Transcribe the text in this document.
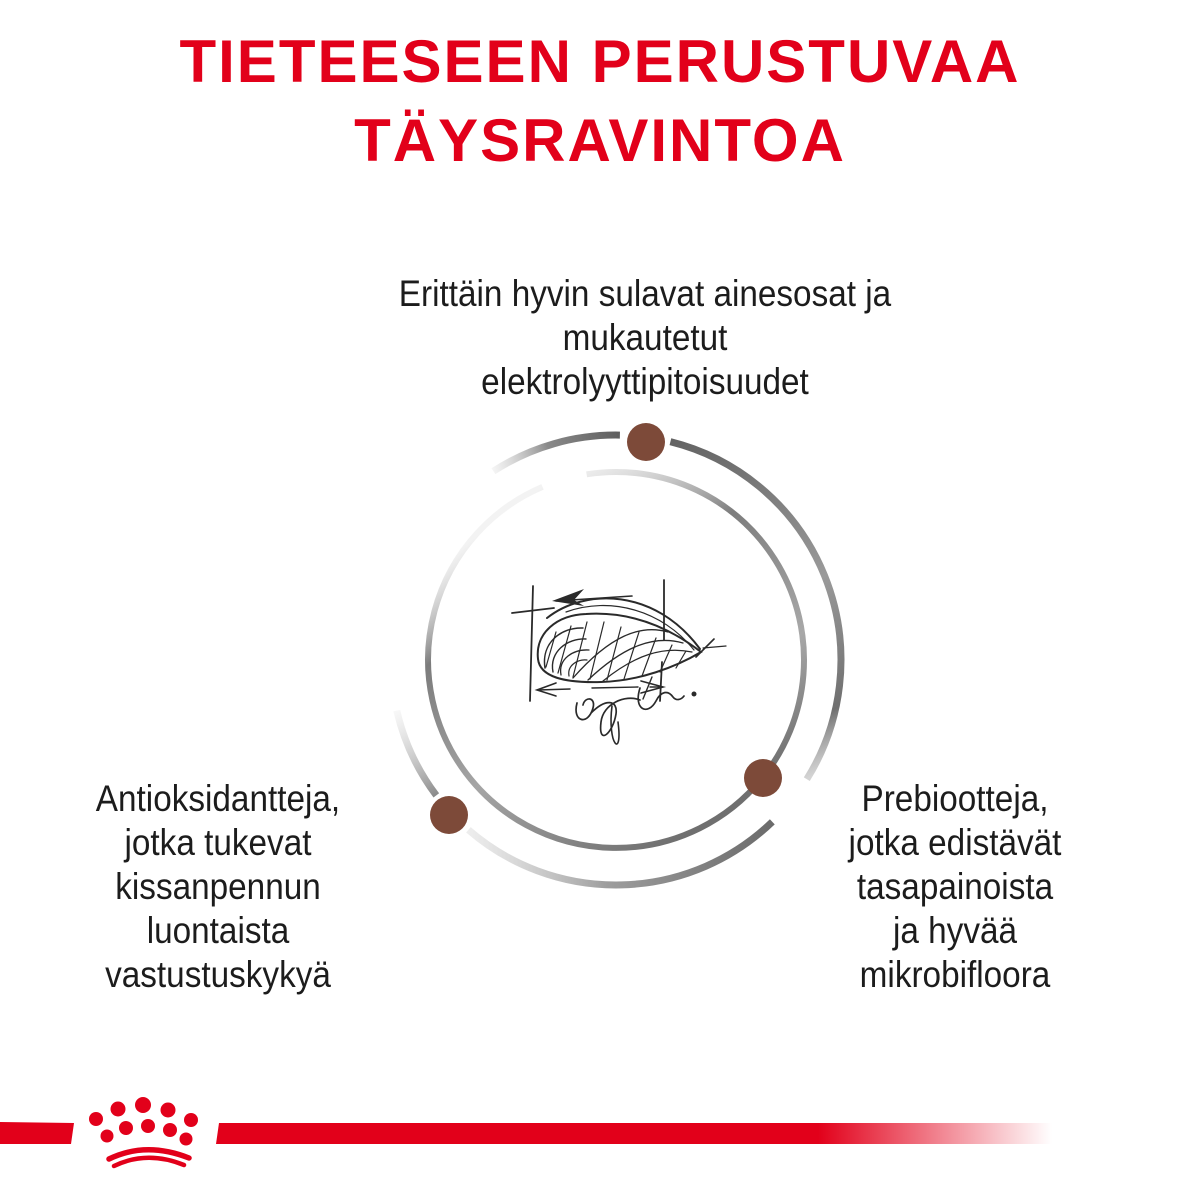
TIETEESEEN PERUSTUVAA
TÄYSRAVINTOA
Erittäin hyvin sulavat ainesosat ja
mukautetut
elektrolyyttipitoisuudet
Antioksidantteja,
jotka tukevat
kissanpennun
luontaista
vastustuskykyä
Prebiootteja,
jotka edistävät
tasapainoista
ja hyvää
mikrobifloora
